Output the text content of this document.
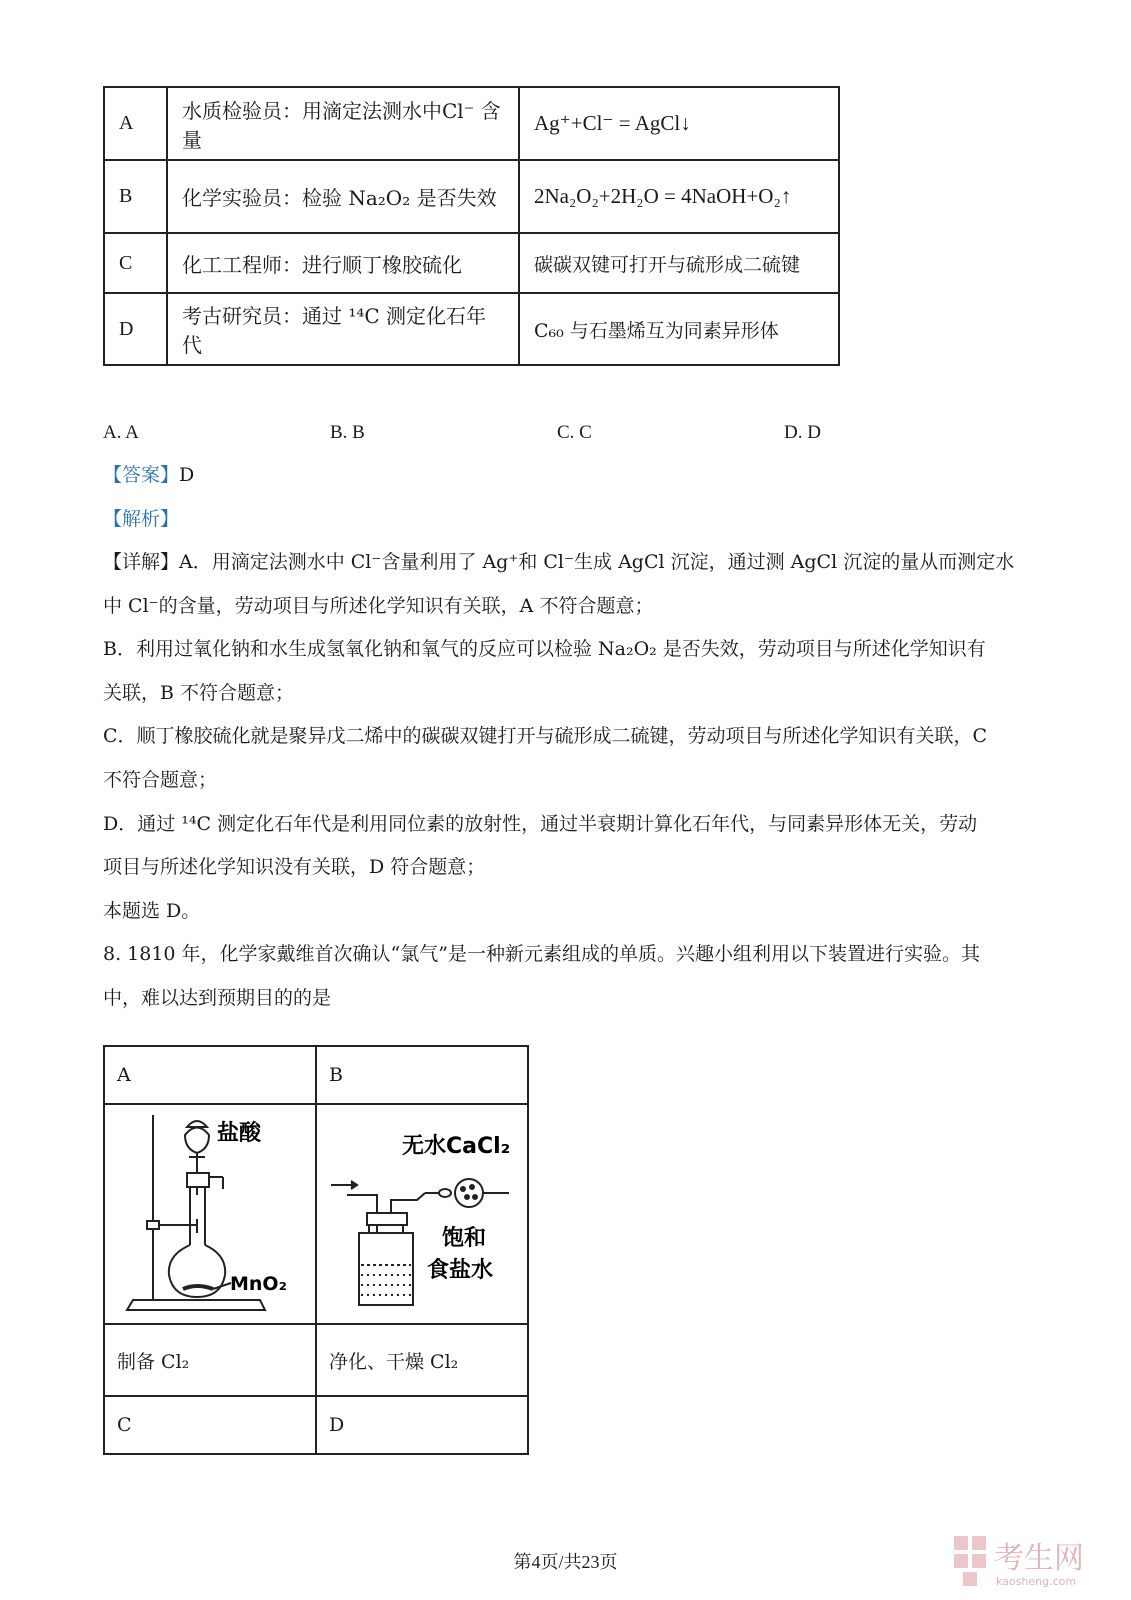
A	水质检验员：用滴定法测水中Cl⁻ 含量	Ag⁺+Cl⁻ = AgCl↓
B	化学实验员：检验 Na₂O₂ 是否失效	2Na₂O₂+2H₂O = 4NaOH+O₂↑
C	化工工程师：进行顺丁橡胶硫化	碳碳双键可打开与硫形成二硫键
D	考古研究员：通过 ¹⁴C 测定化石年代	C₆₀ 与石墨烯互为同素异形体
A. A	B. B	C. C	D. D
【答案】D
【解析】
【详解】A．用滴定法测水中 Cl⁻含量利用了 Ag⁺和 Cl⁻生成 AgCl 沉淀，通过测 AgCl 沉淀的量从而测定水
中 Cl⁻的含量，劳动项目与所述化学知识有关联，A 不符合题意；
B．利用过氧化钠和水生成氢氧化钠和氧气的反应可以检验 Na₂O₂ 是否失效，劳动项目与所述化学知识有
关联，B 不符合题意；
C．顺丁橡胶硫化就是聚异戊二烯中的碳碳双键打开与硫形成二硫键，劳动项目与所述化学知识有关联，C
不符合题意；
D．通过 ¹⁴C 测定化石年代是利用同位素的放射性，通过半衰期计算化石年代，与同素异形体无关，劳动
项目与所述化学知识没有关联，D 符合题意；
本题选 D。
8. 1810 年，化学家戴维首次确认“氯气”是一种新元素组成的单质。兴趣小组利用以下装置进行实验。其
中，难以达到预期目的的是
A	B

盐酸
MnO₂	无水CaCl₂
饱和
食盐水

制备 Cl₂	净化、干燥 Cl₂
C	D
第4页/共23页	考生网
kaosheng.com
